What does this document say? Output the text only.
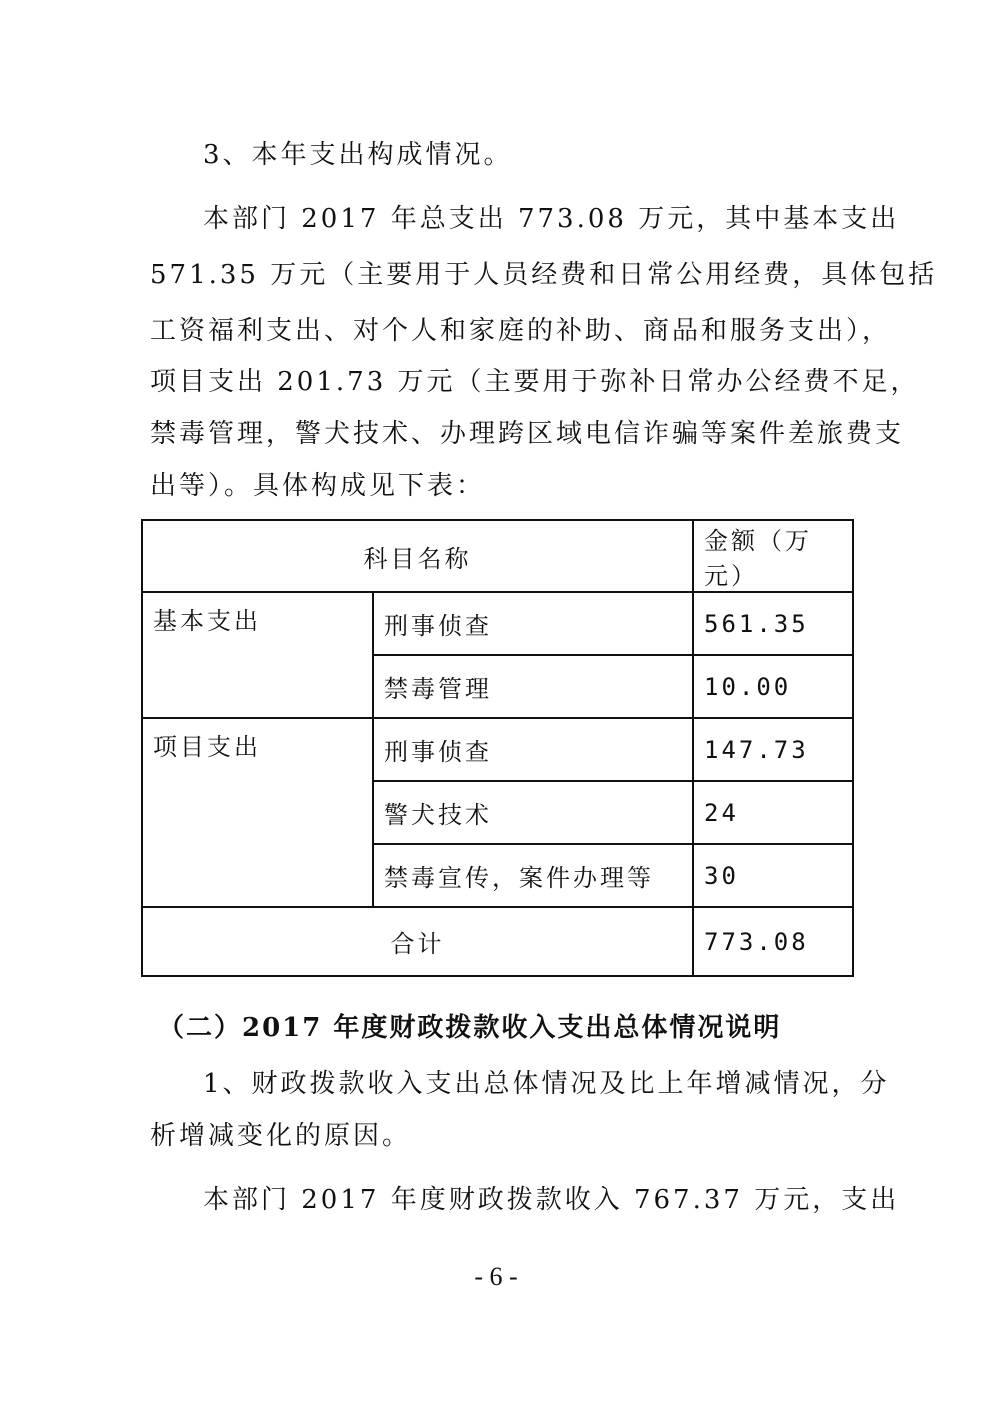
3、本年支出构成情况。
本部门 2017 年总支出 773.08 万元，其中基本支出
571.35 万元（主要用于人员经费和日常公用经费，具体包括
工资福利支出、对个人和家庭的补助、商品和服务支出），
项目支出 201.73 万元（主要用于弥补日常办公经费不足，
禁毒管理，警犬技术、办理跨区域电信诈骗等案件差旅费支
出等）。具体构成见下表：
科目名称		金额（万元）
基本支出	刑事侦查	561.35
	禁毒管理	10.00
项目支出	刑事侦查	147.73
	警犬技术	24
	禁毒宣传，案件办理等	30
合计		773.08
（二）2017 年度财政拨款收入支出总体情况说明
1、财政拨款收入支出总体情况及比上年增减情况，分
析增减变化的原因。
本部门 2017 年度财政拨款收入 767.37 万元，支出
- 6 -
